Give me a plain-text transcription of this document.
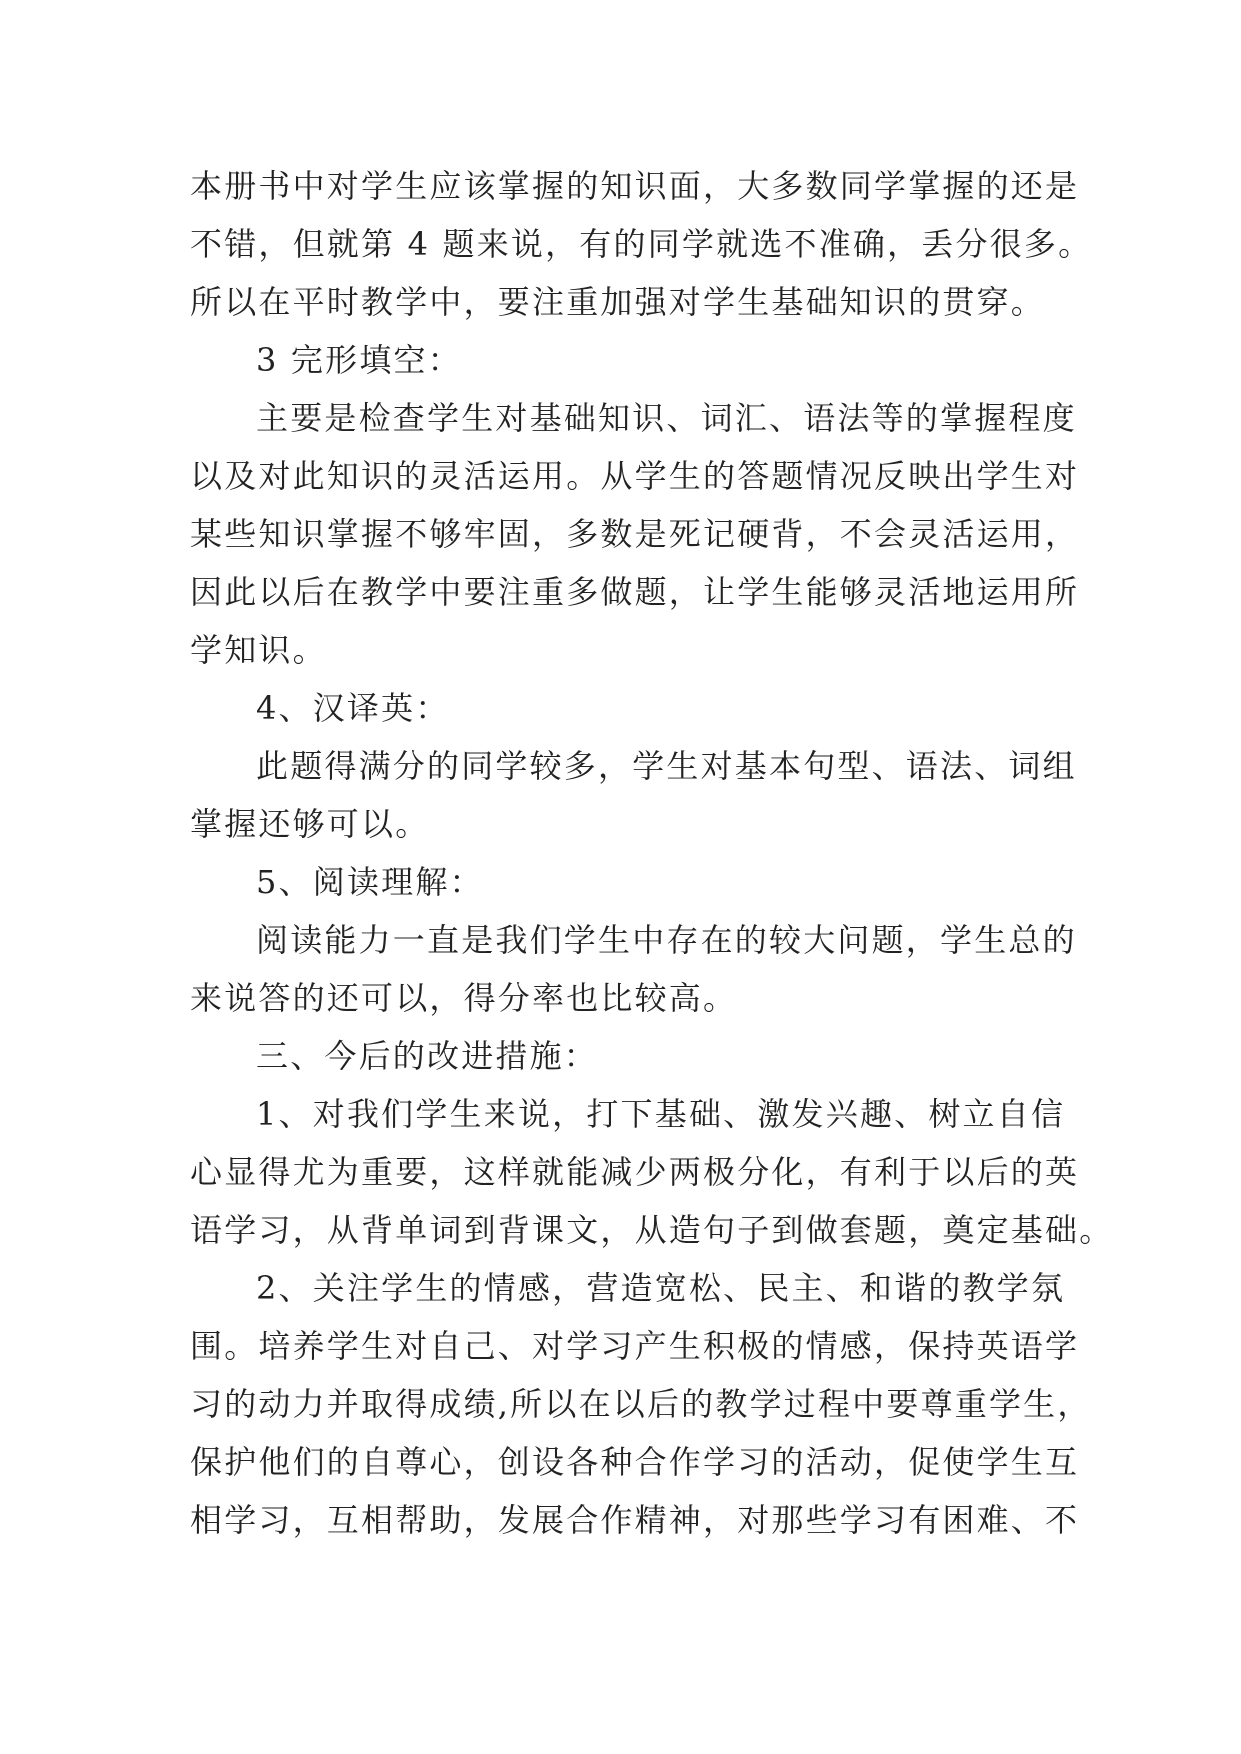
本册书中对学生应该掌握的知识面，大多数同学掌握的还是
不错，但就第 4 题来说，有的同学就选不准确，丢分很多。
所以在平时教学中，要注重加强对学生基础知识的贯穿。
3 完形填空：
主要是检查学生对基础知识、词汇、语法等的掌握程度
以及对此知识的灵活运用。从学生的答题情况反映出学生对
某些知识掌握不够牢固，多数是死记硬背，不会灵活运用，
因此以后在教学中要注重多做题，让学生能够灵活地运用所
学知识。
4、汉译英：
此题得满分的同学较多，学生对基本句型、语法、词组
掌握还够可以。
5、阅读理解：
阅读能力一直是我们学生中存在的较大问题，学生总的
来说答的还可以，得分率也比较高。
三、今后的改进措施：
1、对我们学生来说，打下基础、激发兴趣、树立自信
心显得尤为重要，这样就能减少两极分化，有利于以后的英
语学习，从背单词到背课文，从造句子到做套题，奠定基础。
2、关注学生的情感，营造宽松、民主、和谐的教学氛
围。培养学生对自己、对学习产生积极的情感，保持英语学
习的动力并取得成绩,所以在以后的教学过程中要尊重学生，
保护他们的自尊心，创设各种合作学习的活动，促使学生互
相学习，互相帮助，发展合作精神，对那些学习有困难、不
